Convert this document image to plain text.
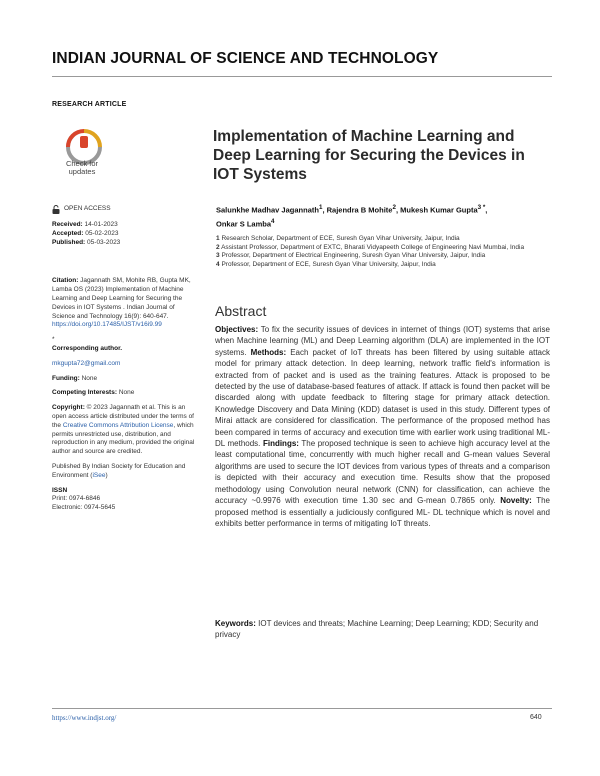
INDIAN JOURNAL OF SCIENCE AND TECHNOLOGY
RESEARCH ARTICLE
Check for
updates
OPEN ACCESS
Received: 14-01-2023
Accepted: 05-02-2023
Published: 05-03-2023
Citation: Jagannath SM, Mohite RB, Gupta MK, Lamba OS (2023) Implementation of Machine Learning and Deep Learning for Securing the Devices in IOT Systems . Indian Journal of Science and Technology 16(9): 640-647. https://doi.org/10.17485/IJST/v16i9.99
*
Corresponding author.
mkgupta72@gmail.com
Funding: None
Competing Interests: None
Copyright: © 2023 Jagannath et al. This is an open access article distributed under the terms of the Creative Commons Attribution License, which permits unrestricted use, distribution, and reproduction in any medium, provided the original author and source are credited.
Published By Indian Society for Education and Environment (iSee)
ISSN
Print: 0974-6846
Electronic: 0974-5645
Implementation of Machine Learning and Deep Learning for Securing the Devices in IOT Systems
Salunkhe Madhav Jagannath$^1$, Rajendra B Mohite$^2$, Mukesh Kumar Gupta$^{3 *}$,
Onkar S Lamba$^4$
1 Research Scholar, Department of ECE, Suresh Gyan Vihar University, Jaipur, India
2 Assistant Professor, Department of EXTC, Bharati Vidyapeeth College of Engineering Navi Mumbai, India
3 Professor, Department of Electrical Engineering, Suresh Gyan Vihar University, Jaipur, India
4 Professor, Department of ECE, Suresh Gyan Vihar University, Jaipur, India
Abstract
Objectives: To fix the security issues of devices in internet of things (IOT) systems that arise when Machine learning (ML) and Deep Learning algorithm (DLA) are implemented in the IOT systems. Methods: Each packet of IoT threats has been filtered by using suitable attack model for primary attack detection. In deep learning, network traffic field's information is extracted from of packet and is used as the training features. Attack is proposed to be detected by the use of database-based features of attack. If attack is found then packet will be discarded along with update feedback to filtering stage for primary attack detection. Knowledge Discovery and Data Mining (KDD) dataset is used in this study. Different types of Mirai attack are considered for classification. The performance of the proposed method has been compared in terms of accuracy and execution time with earlier work using traditional ML-DL methods. Findings: The proposed technique is seen to achieve high accuracy level at the least computational time, concurrently with much higher recall and G-mean values Several algorithms are used to secure the IOT devices from various types of threats and a comparison is depicted with their accuracy and execution time. Results show that the proposed methodology using Convolution neural network (CNN) for classification, can achieve the accuracy ~0.9976 with execution time 1.30 sec and G-mean 0.7865 only. Novelty: The proposed method is essentially a judiciously configured ML- DL technique which is novel and exhibits better performance in terms of mitigating IoT threats.
Keywords: IOT devices and threats; Machine Learning; Deep Learning; KDD; Security and privacy
https://www.indjst.org/	640
